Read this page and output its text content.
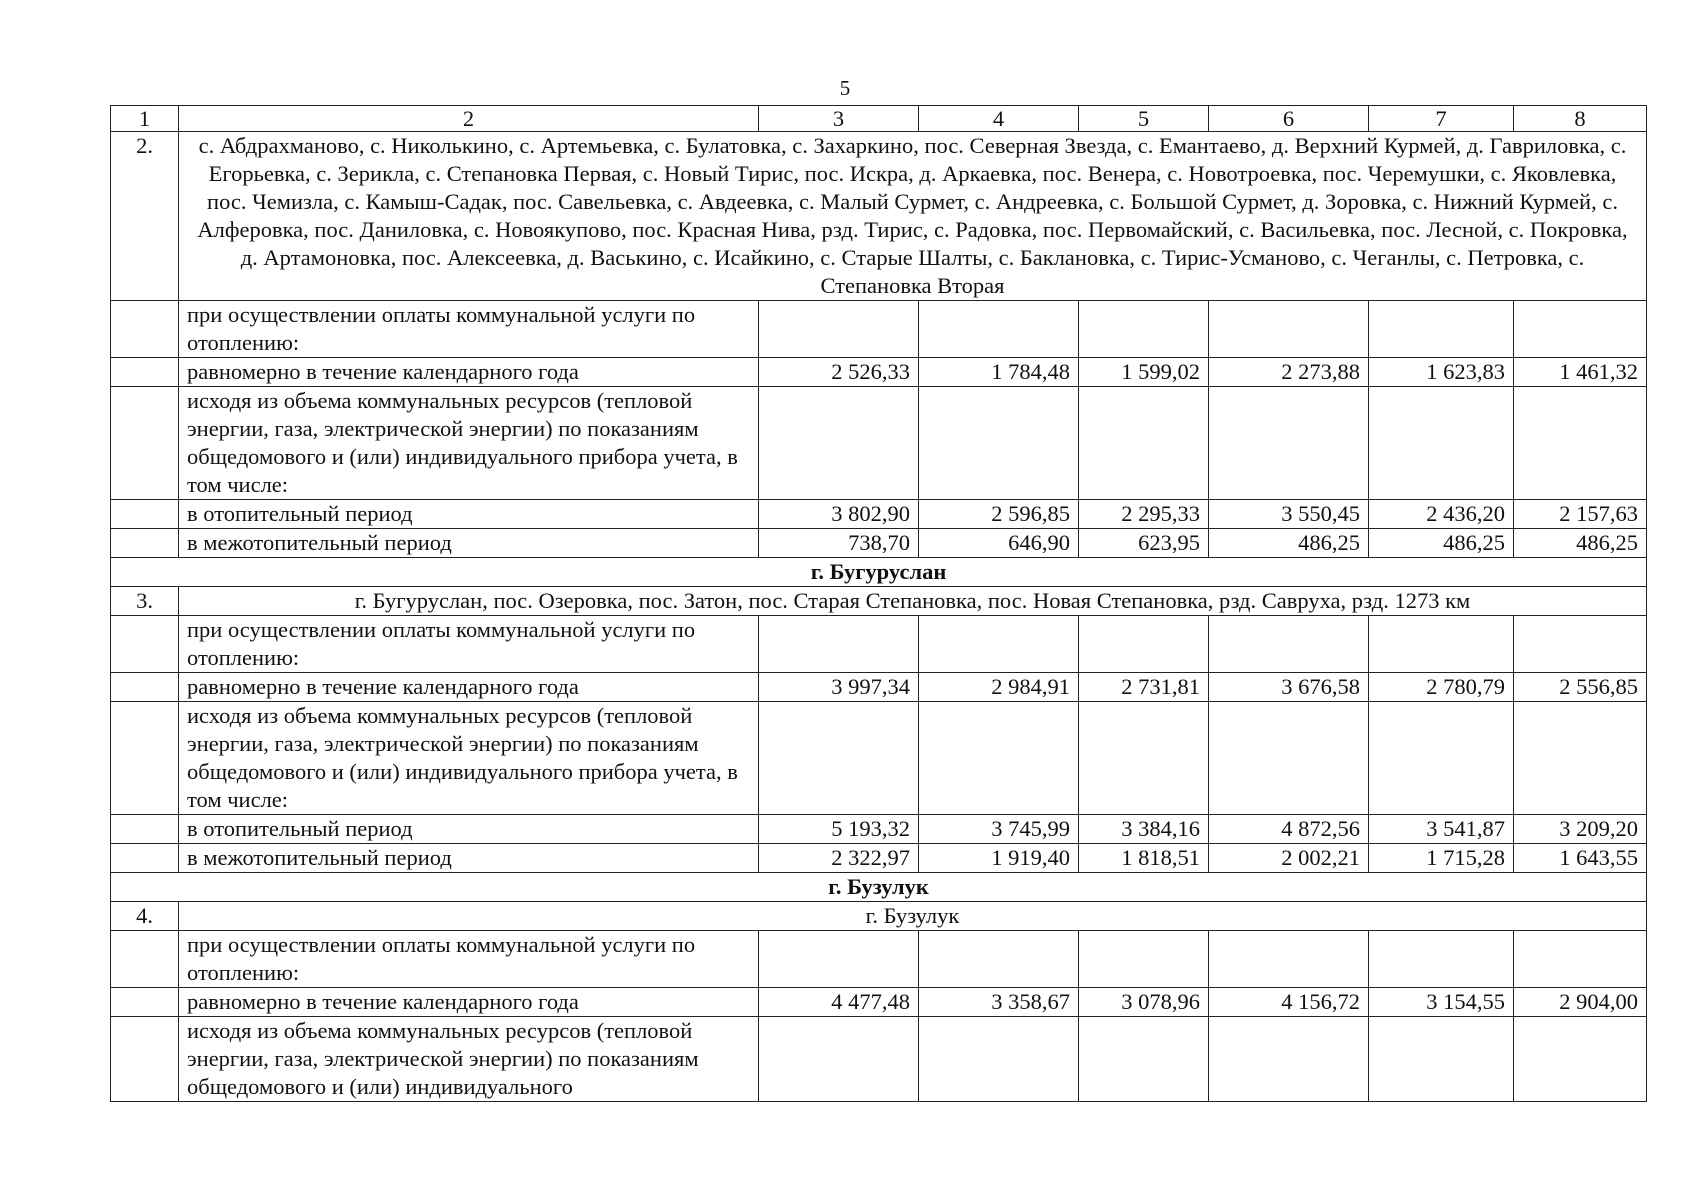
5
1	2	3	4	5	6	7	8
2.	с. Абдрахманово, с. Николькино, с. Артемьевка, с. Булатовка, с. Захаркино, пос. Северная Звезда, с. Емантаево, д. Верхний Курмей, д. Гавриловка, с. Егорьевка, с. Зерикла, с. Степановка Первая, с. Новый Тирис, пос. Искра, д. Аркаевка, пос. Венера, с. Новотроевка, пос. Черемушки, с. Яковлевка, пос. Чемизла, с. Камыш-Садак, пос. Савельевка, с. Авдеевка, с. Малый Сурмет, с. Андреевка, с. Большой Сурмет, д. Зоровка, с. Нижний Курмей, с. Алферовка, пос. Даниловка, с. Новоякупово, пос. Красная Нива, рзд. Тирис, с. Радовка, пос. Первомайский, с. Васильевка, пос. Лесной, с. Покровка, д. Артамоновка, пос. Алексеевка, д. Васькино, с. Исайкино, с. Старые Шалты, с. Баклановка, с. Тирис-Усманово, с. Чеганлы, с. Петровка, с. Степановка Вторая						
	при осуществлении оплаты коммунальной услуги по отоплению:						
	равномерно в течение календарного года	2 526,33	1 784,48	1 599,02	2 273,88	1 623,83	1 461,32
	исходя из объема коммунальных ресурсов (тепловой энергии, газа, электрической энергии) по показаниям общедомового и (или) индивидуального прибора учета, в том числе:						
	в отопительный период	3 802,90	2 596,85	2 295,33	3 550,45	2 436,20	2 157,63
	в межотопительный период	738,70	646,90	623,95	486,25	486,25	486,25
г. Бугуруслан							
3.	г. Бугуруслан, пос. Озеровка, пос. Затон, пос. Старая Степановка, пос. Новая Степановка, рзд. Савруха, рзд. 1273 км						
	при осуществлении оплаты коммунальной услуги по отоплению:						
	равномерно в течение календарного года	3 997,34	2 984,91	2 731,81	3 676,58	2 780,79	2 556,85
	исходя из объема коммунальных ресурсов (тепловой энергии, газа, электрической энергии) по показаниям общедомового и (или) индивидуального прибора учета, в том числе:						
	в отопительный период	5 193,32	3 745,99	3 384,16	4 872,56	3 541,87	3 209,20
	в межотопительный период	2 322,97	1 919,40	1 818,51	2 002,21	1 715,28	1 643,55
г. Бузулук							
4.	г. Бузулук						
	при осуществлении оплаты коммунальной услуги по отоплению:						
	равномерно в течение календарного года	4 477,48	3 358,67	3 078,96	4 156,72	3 154,55	2 904,00
	исходя из объема коммунальных ресурсов (тепловой энергии, газа, электрической энергии) по показаниям общедомового и (или) индивидуального						
